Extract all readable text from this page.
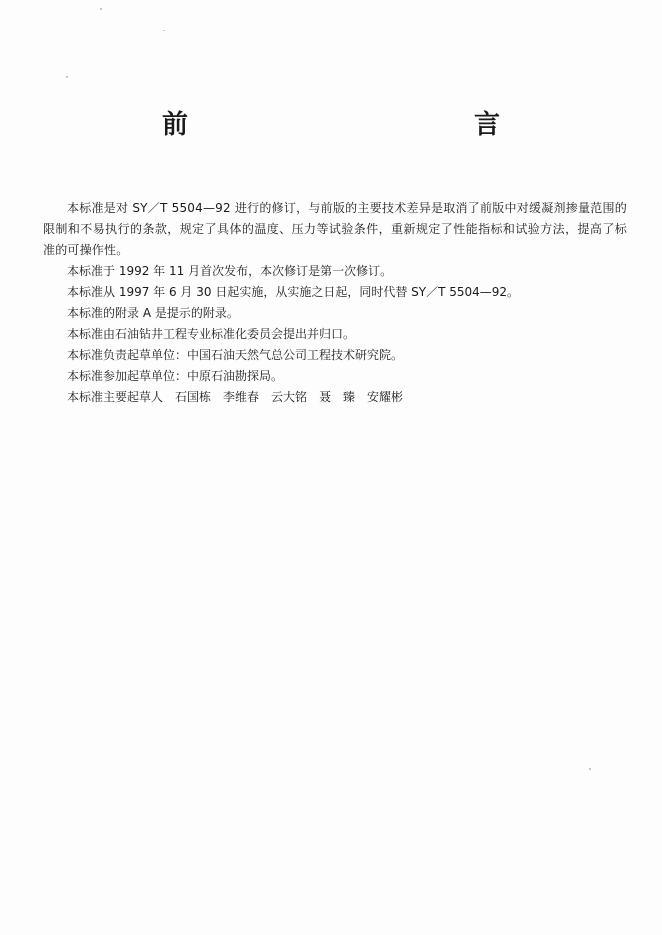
前　　言

本标准是对 SY／T 5504—92 进行的修订，与前版的主要技术差异是取消了前版中对缓凝剂掺量范围的限制和不易执行的条款，规定了具体的温度、压力等试验条件，重新规定了性能指标和试验方法，提高了标准的可操作性。

本标准于 1992 年 11 月首次发布，本次修订是第一次修订。

本标准从 1997 年 6 月 30 日起实施，从实施之日起，同时代替 SY／T 5504—92。

本标准的附录 A 是提示的附录。

本标准由石油钻井工程专业标准化委员会提出并归口。

本标准负责起草单位：中国石油天然气总公司工程技术研究院。

本标准参加起草单位：中原石油勘探局。

本标准主要起草人　石国栋　李维春　云大铭　聂　臻　安耀彬
